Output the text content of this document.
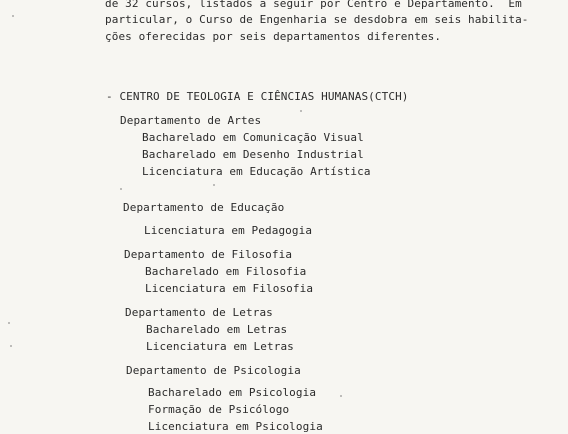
de 32 cursos, listados a seguir por Centro e Departamento.  Em
particular, o Curso de Engenharia se desdobra em seis habilita-
ções oferecidas por seis departamentos diferentes.
- CENTRO DE TEOLOGIA E CIÊNCIAS HUMANAS(CTCH)
Departamento de Artes
Bacharelado em Comunicação Visual
Bacharelado em Desenho Industrial
Licenciatura em Educação Artística
Departamento de Educação
Licenciatura em Pedagogia
Departamento de Filosofia
Bacharelado em Filosofia
Licenciatura em Filosofia
Departamento de Letras
Bacharelado em Letras
Licenciatura em Letras
Departamento de Psicologia
Bacharelado em Psicologia
Formação de Psicólogo
Licenciatura em Psicologia
